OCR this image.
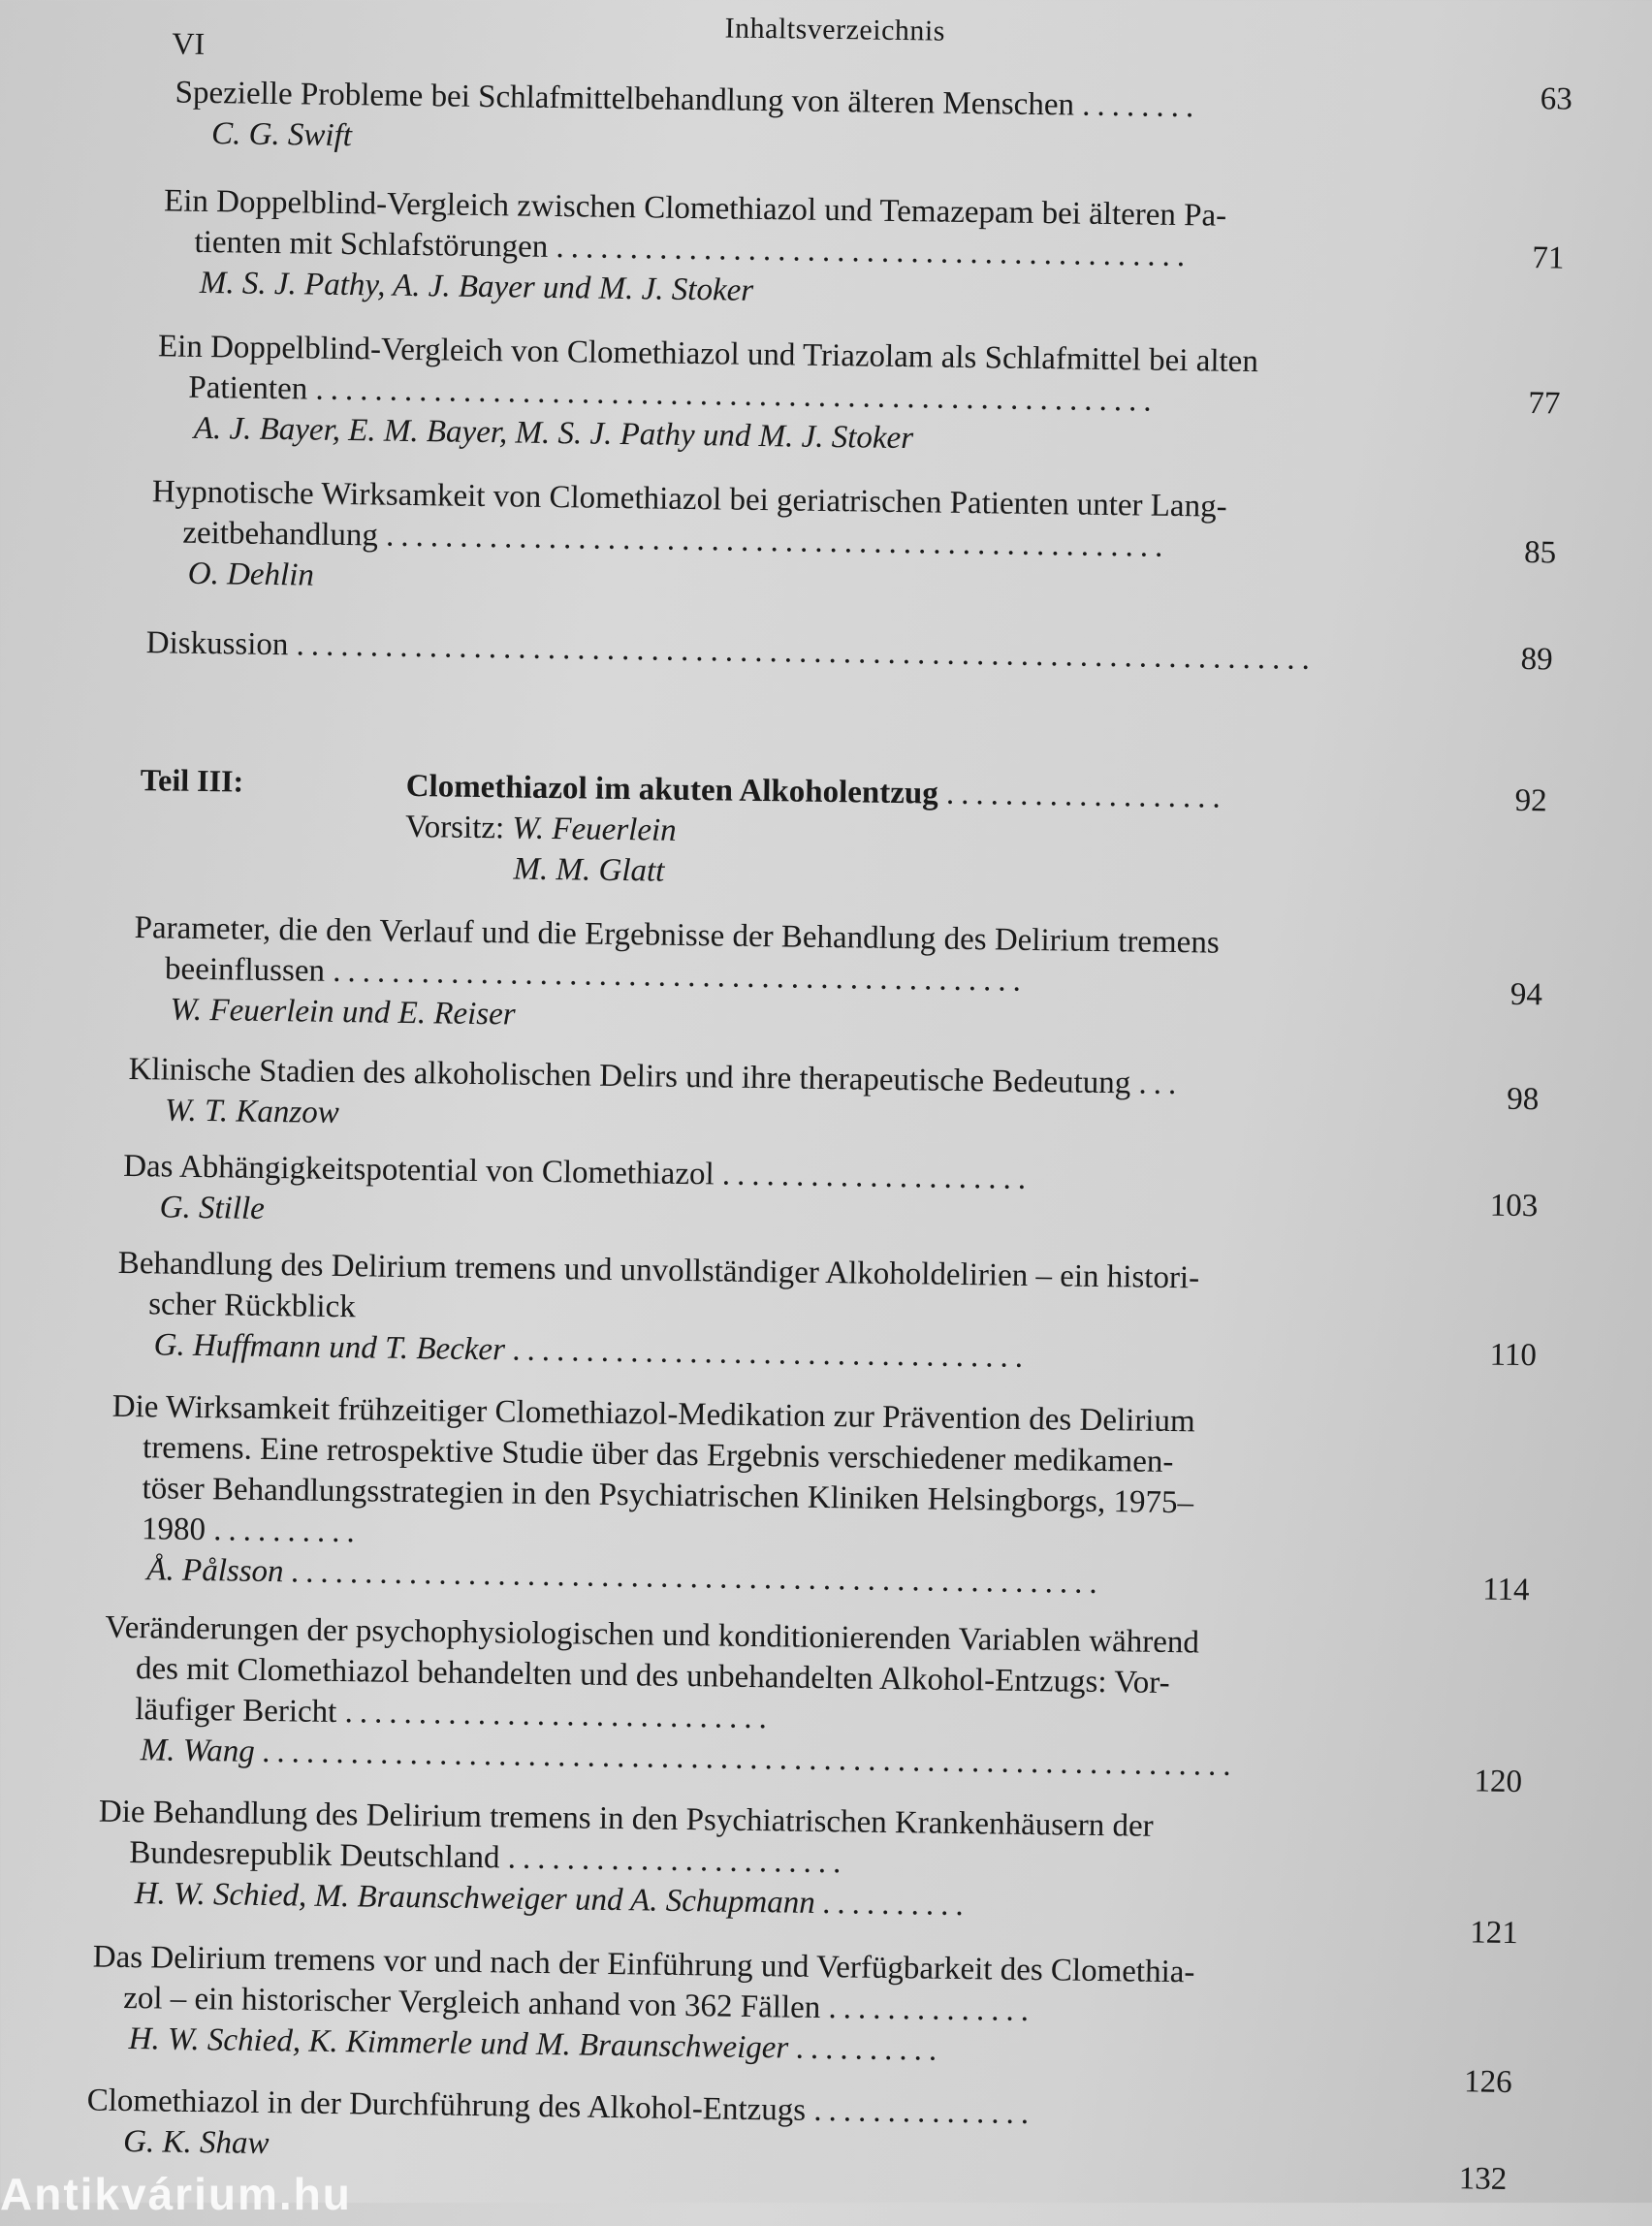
VI	Inhaltsverzeichnis
Spezielle Probleme bei Schlafmittelbehandlung von älteren Menschen ........
C. G. Swift
63
Ein Doppelblind-Vergleich zwischen Clomethiazol und Temazepam bei älteren Pa-
tienten mit Schlafstörungen ...........................................
M. S. J. Pathy, A. J. Bayer und M. J. Stoker
71
Ein Doppelblind-Vergleich von Clomethiazol und Triazolam als Schlafmittel bei alten
Patienten .........................................................
A. J. Bayer, E. M. Bayer, M. S. J. Pathy und M. J. Stoker
77
Hypnotische Wirksamkeit von Clomethiazol bei geriatrischen Patienten unter Lang-
zeitbehandlung .....................................................
O. Dehlin
85
Diskussion .....................................................................	89
Teil III:	Clomethiazol im akuten Alkoholentzug ...................
Vorsitz: W. Feuerlein
M. M. Glatt
92
Parameter, die den Verlauf und die Ergebnisse der Behandlung des Delirium tremens
beeinflussen ...............................................
W. Feuerlein und E. Reiser	94
Klinische Stadien des alkoholischen Delirs und ihre therapeutische Bedeutung ...
W. T. Kanzow	98
Das Abhängigkeitspotential von Clomethiazol .....................
G. Stille	103
Behandlung des Delirium tremens und unvollständiger Alkoholdelirien – ein histori-
scher Rückblick
G. Huffmann und T. Becker ...................................	110
Die Wirksamkeit frühzeitiger Clomethiazol-Medikation zur Prävention des Delirium
tremens. Eine retrospektive Studie über das Ergebnis verschiedener medikamen-
töser Behandlungsstrategien in den Psychiatrischen Kliniken Helsingborgs, 1975–
1980 ..........
Å. Pålsson .......................................................	114
Veränderungen der psychophysiologischen und konditionierenden Variablen während
des mit Clomethiazol behandelten und des unbehandelten Alkohol-Entzugs: Vor-
läufiger Bericht .............................
M. Wang ..................................................................	120
Die Behandlung des Delirium tremens in den Psychiatrischen Krankenhäusern der
Bundesrepublik Deutschland .......................
H. W. Schied, M. Braunschweiger und A. Schupmann ..........
121
Das Delirium tremens vor und nach der Einführung und Verfügbarkeit des Clomethia-
zol – ein historischer Vergleich anhand von 362 Fällen ..............
H. W. Schied, K. Kimmerle und M. Braunschweiger ..........
126
Clomethiazol in der Durchführung des Alkohol-Entzugs ...............
G. K. Shaw
132
Antikvárium.hu
